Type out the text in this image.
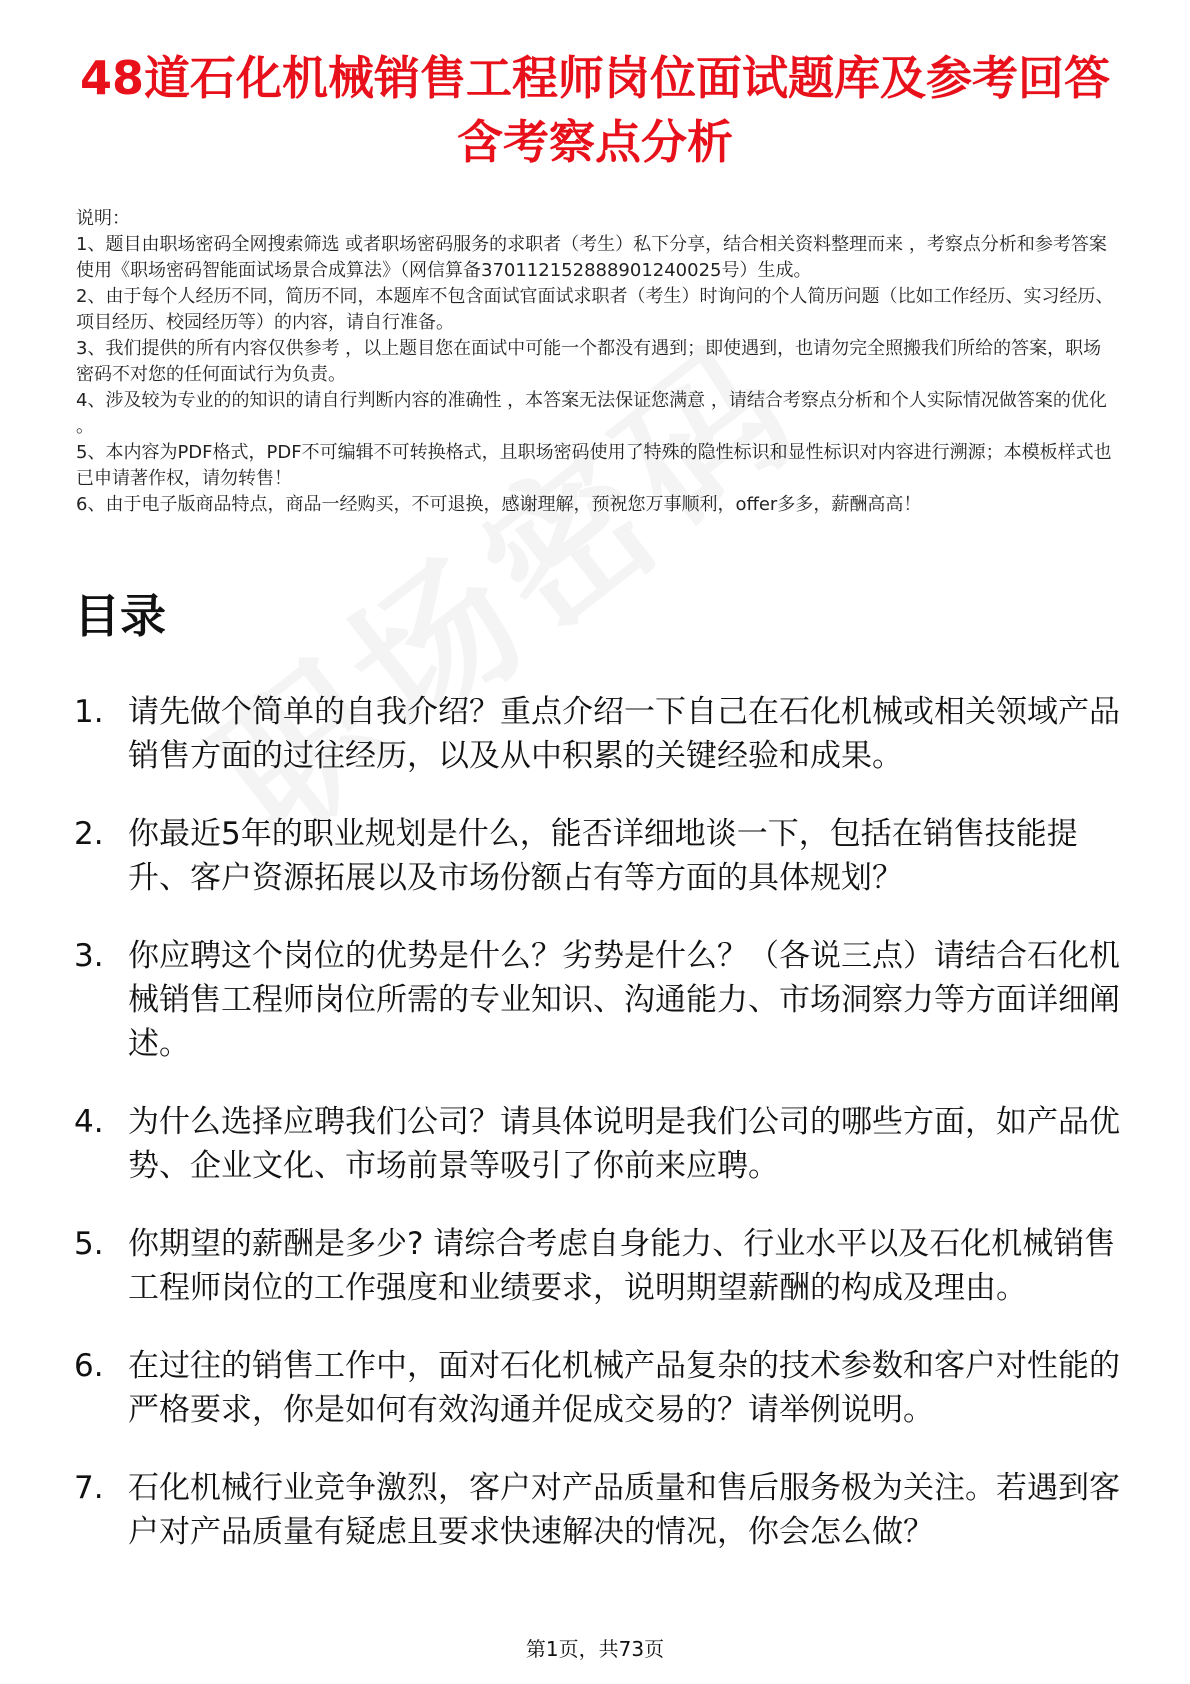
48道石化机械销售工程师岗位面试题库及参考回答含考察点分析
说明：
1、题目由职场密码全网搜索筛选 或者职场密码服务的求职者（考生）私下分享，结合相关资料整理而来 ，考察点分析和参考答案使用《职场密码智能面试场景合成算法》（网信算备370112152888901240025号）生成。
2、由于每个人经历不同，简历不同，本题库不包含面试官面试求职者（考生）时询问的个人简历问题（比如工作经历、实习经历、项目经历、校园经历等）的内容，请自行准备。
3、我们提供的所有内容仅供参考 ，以上题目您在面试中可能一个都没有遇到；即使遇到，也请勿完全照搬我们所给的答案，职场密码不对您的任何面试行为负责。
4、涉及较为专业的的知识的请自行判断内容的准确性 ，本答案无法保证您满意 ，请结合考察点分析和个人实际情况做答案的优化 。
5、本内容为PDF格式，PDF不可编辑不可转换格式，且职场密码使用了特殊的隐性标识和显性标识对内容进行溯源；本模板样式也已申请著作权，请勿转售！
6、由于电子版商品特点，商品一经购买，不可退换，感谢理解，预祝您万事顺利，offer多多，薪酬高高！
目录
1. 请先做个简单的自我介绍？重点介绍一下自己在石化机械或相关领域产品销售方面的过往经历，以及从中积累的关键经验和成果。
2. 你最近5年的职业规划是什么，能否详细地谈一下，包括在销售技能提升、客户资源拓展以及市场份额占有等方面的具体规划？
3. 你应聘这个岗位的优势是什么？劣势是什么？（各说三点）请结合石化机械销售工程师岗位所需的专业知识、沟通能力、市场洞察力等方面详细阐述。
4. 为什么选择应聘我们公司？请具体说明是我们公司的哪些方面，如产品优势、企业文化、市场前景等吸引了你前来应聘。
5. 你期望的薪酬是多少? 请综合考虑自身能力、行业水平以及石化机械销售工程师岗位的工作强度和业绩要求，说明期望薪酬的构成及理由。
6. 在过往的销售工作中，面对石化机械产品复杂的技术参数和客户对性能的严格要求，你是如何有效沟通并促成交易的？请举例说明。
7. 石化机械行业竞争激烈，客户对产品质量和售后服务极为关注。若遇到客户对产品质量有疑虑且要求快速解决的情况，你会怎么做？
第1页，共73页
